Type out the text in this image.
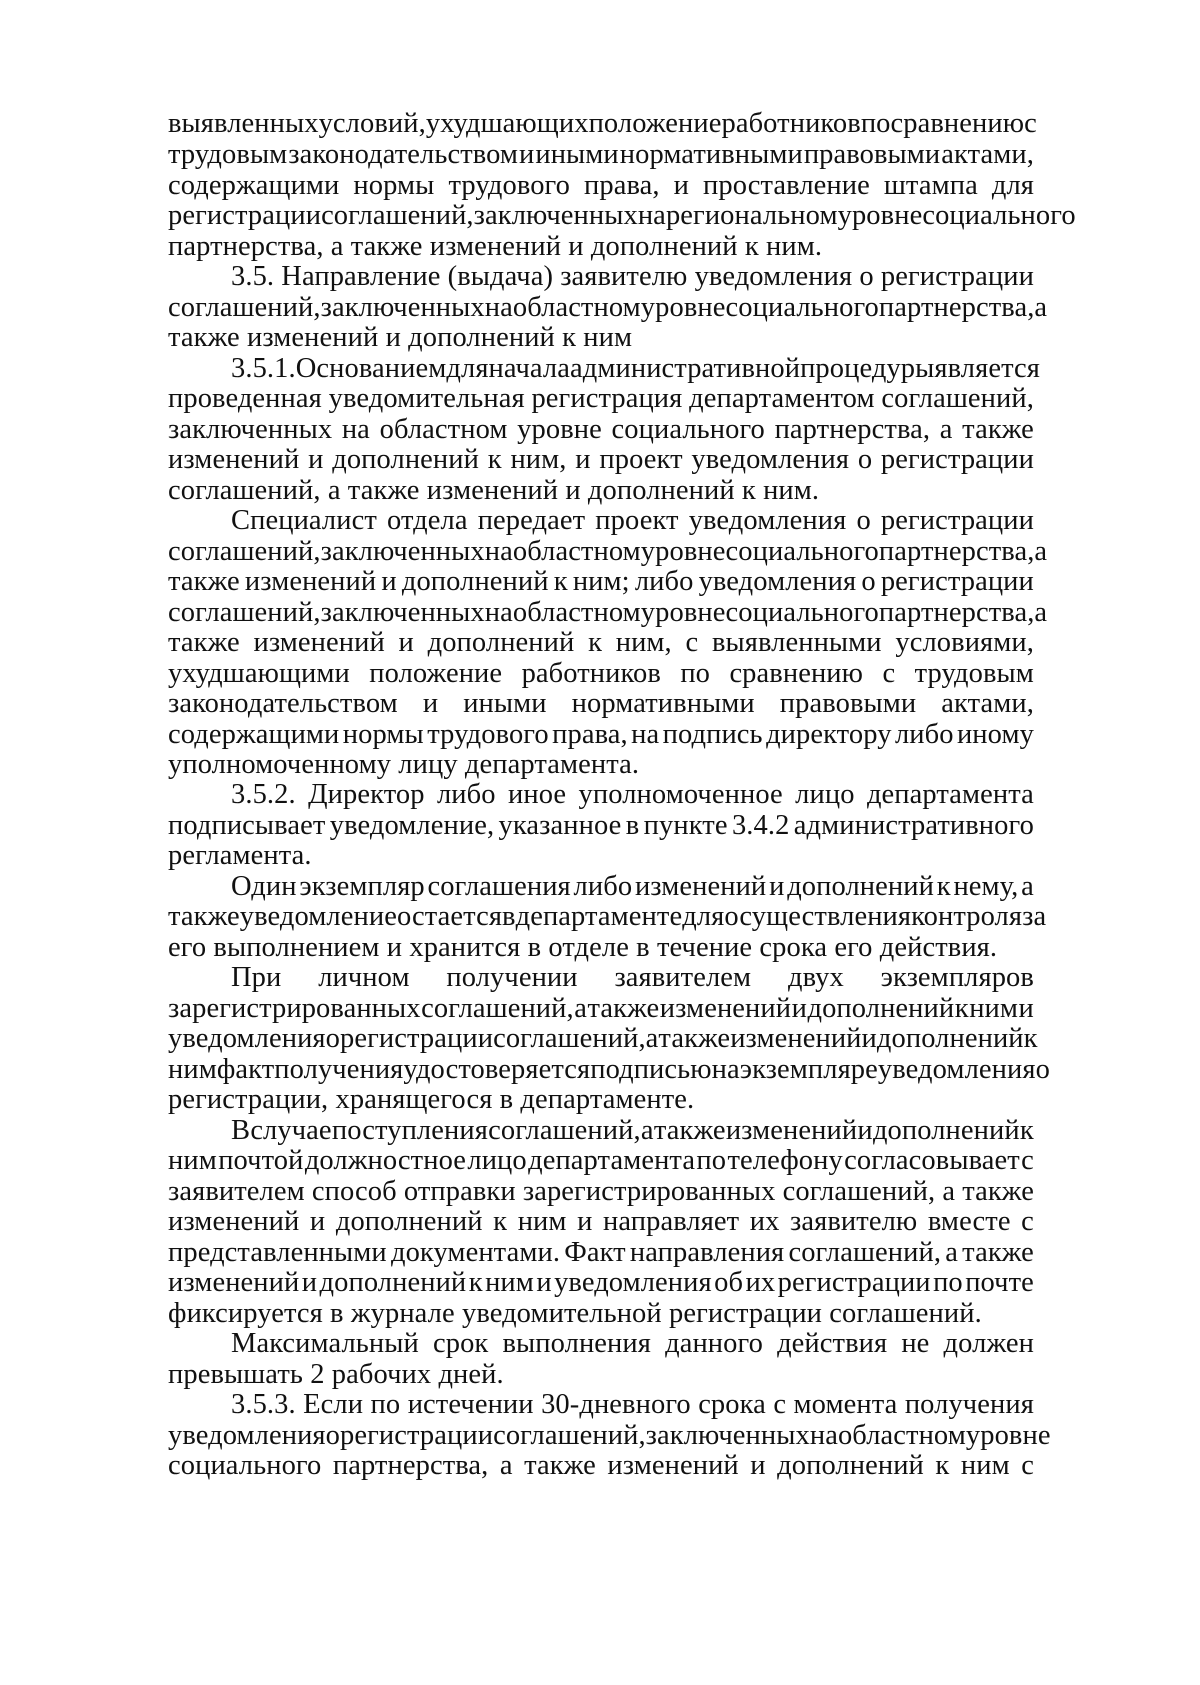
выявленных условий, ухудшающих положение работников по сравнению с
трудовым законодательством и иными нормативными правовыми актами,
содержащими нормы трудового права, и проставление штампа для
регистрации соглашений, заключенных на региональном уровне социального
партнерства, а также изменений и дополнений к ним.
3.5. Направление (выдача) заявителю уведомления о регистрации
соглашений, заключенных на областном уровне социального партнерства, а
также изменений и дополнений к ним
3.5.1. Основанием для начала административной процедуры является
проведенная уведомительная регистрация департаментом соглашений,
заключенных на областном уровне социального партнерства, а также
изменений и дополнений к ним, и проект уведомления о регистрации
соглашений, а также изменений и дополнений к ним.
Специалист отдела передает проект уведомления о регистрации
соглашений, заключенных на областном уровне социального партнерства, а
также изменений и дополнений к ним; либо уведомления о регистрации
соглашений, заключенных на областном уровне социального партнерства, а
также изменений и дополнений к ним, с выявленными условиями,
ухудшающими положение работников по сравнению с трудовым
законодательством и иными нормативными правовыми актами,
содержащими нормы трудового права, на подпись директору либо иному
уполномоченному лицу департамента.
3.5.2. Директор либо иное уполномоченное лицо департамента
подписывает уведомление, указанное в пункте 3.4.2 административного
регламента.
Один экземпляр соглашения либо изменений и дополнений к нему, а
также уведомление остается в департаменте для осуществления контроля за
его выполнением и хранится в отделе в течение срока его действия.
При личном получении заявителем двух экземпляров
зарегистрированных соглашений, а также изменений и дополнений к ним и
уведомления о регистрации соглашений, а также изменений и дополнений к
ним факт получения удостоверяется подписью на экземпляре уведомления о
регистрации, хранящегося в департаменте.
В случае поступления соглашений, а также изменений и дополнений к
ним почтой должностное лицо департамента по телефону согласовывает с
заявителем способ отправки зарегистрированных соглашений, а также
изменений и дополнений к ним и направляет их заявителю вместе с
представленными документами. Факт направления соглашений, а также
изменений и дополнений к ним и уведомления об их регистрации по почте
фиксируется в журнале уведомительной регистрации соглашений.
Максимальный срок выполнения данного действия не должен
превышать 2 рабочих дней.
3.5.3. Если по истечении 30-дневного срока с момента получения
уведомления о регистрации соглашений, заключенных на областном уровне
социального партнерства, а также изменений и дополнений к ним с
